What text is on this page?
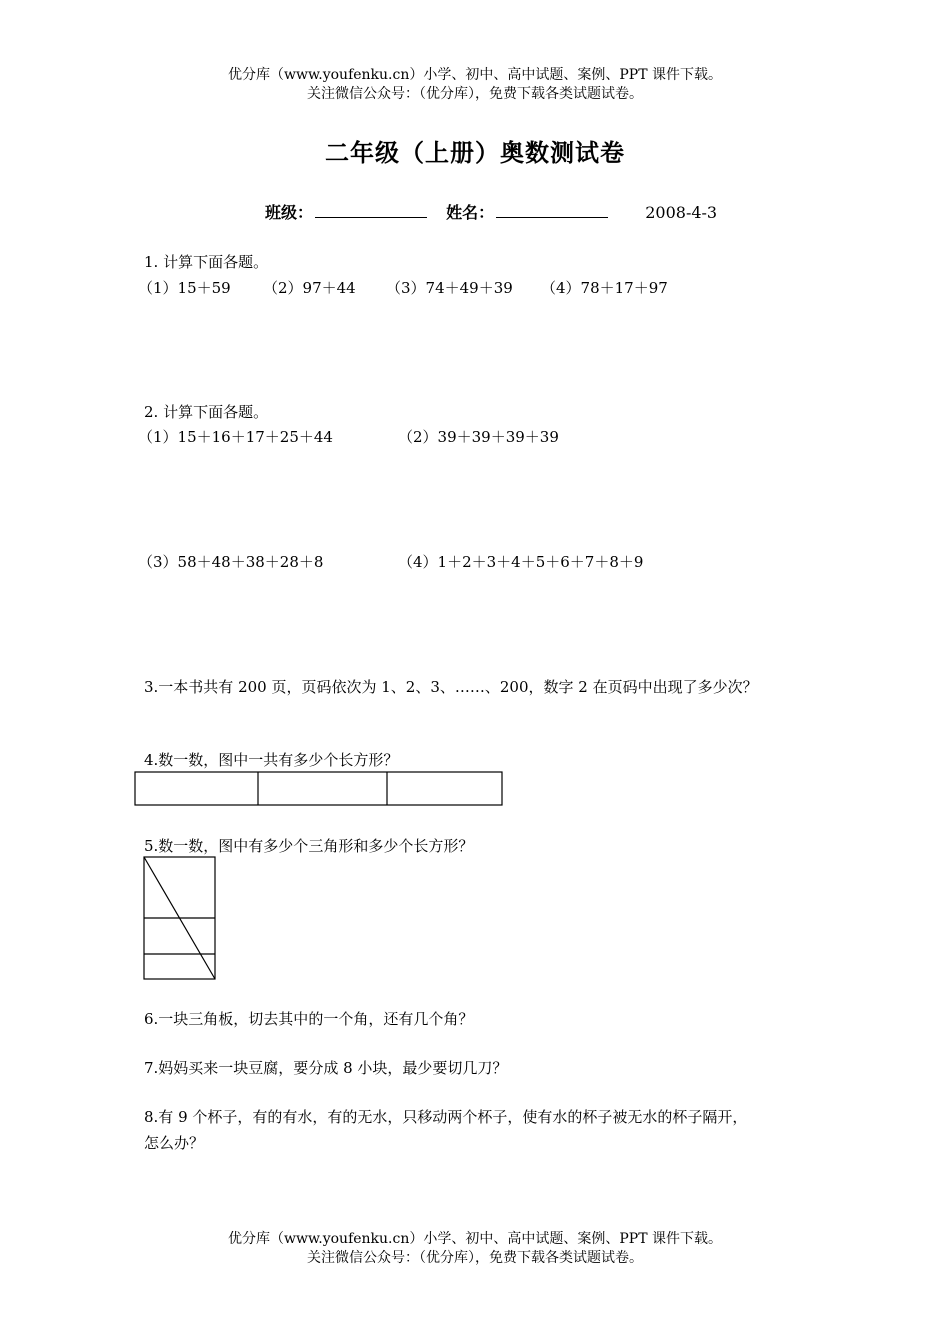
优分库（www.youfenku.cn）小学、初中、高中试题、案例、PPT 课件下载。
关注微信公众号：（优分库），免费下载各类试题试卷。
二年级（上册）奥数测试卷
班级：	姓名：	2008-4-3
1. 计算下面各题。
（1）15＋59 （2）97＋44 （3）74＋49＋39 （4）78＋17＋97
2. 计算下面各题。
（1）15＋16＋17＋25＋44	（2）39＋39＋39＋39
（3）58＋48＋38＋28＋8	（4）1＋2＋3＋4＋5＋6＋7＋8＋9
3.一本书共有 200 页，页码依次为 1、2、3、……、200，数字 2 在页码中出现了多少次？
4.数一数，图中一共有多少个长方形？
5.数一数，图中有多少个三角形和多少个长方形？
6.一块三角板，切去其中的一个角，还有几个角？
7.妈妈买来一块豆腐，要分成 8 小块，最少要切几刀？
8.有 9 个杯子，有的有水，有的无水，只移动两个杯子，使有水的杯子被无水的杯子隔开，
怎么办？
优分库（www.youfenku.cn）小学、初中、高中试题、案例、PPT 课件下载。
关注微信公众号：（优分库），免费下载各类试题试卷。
